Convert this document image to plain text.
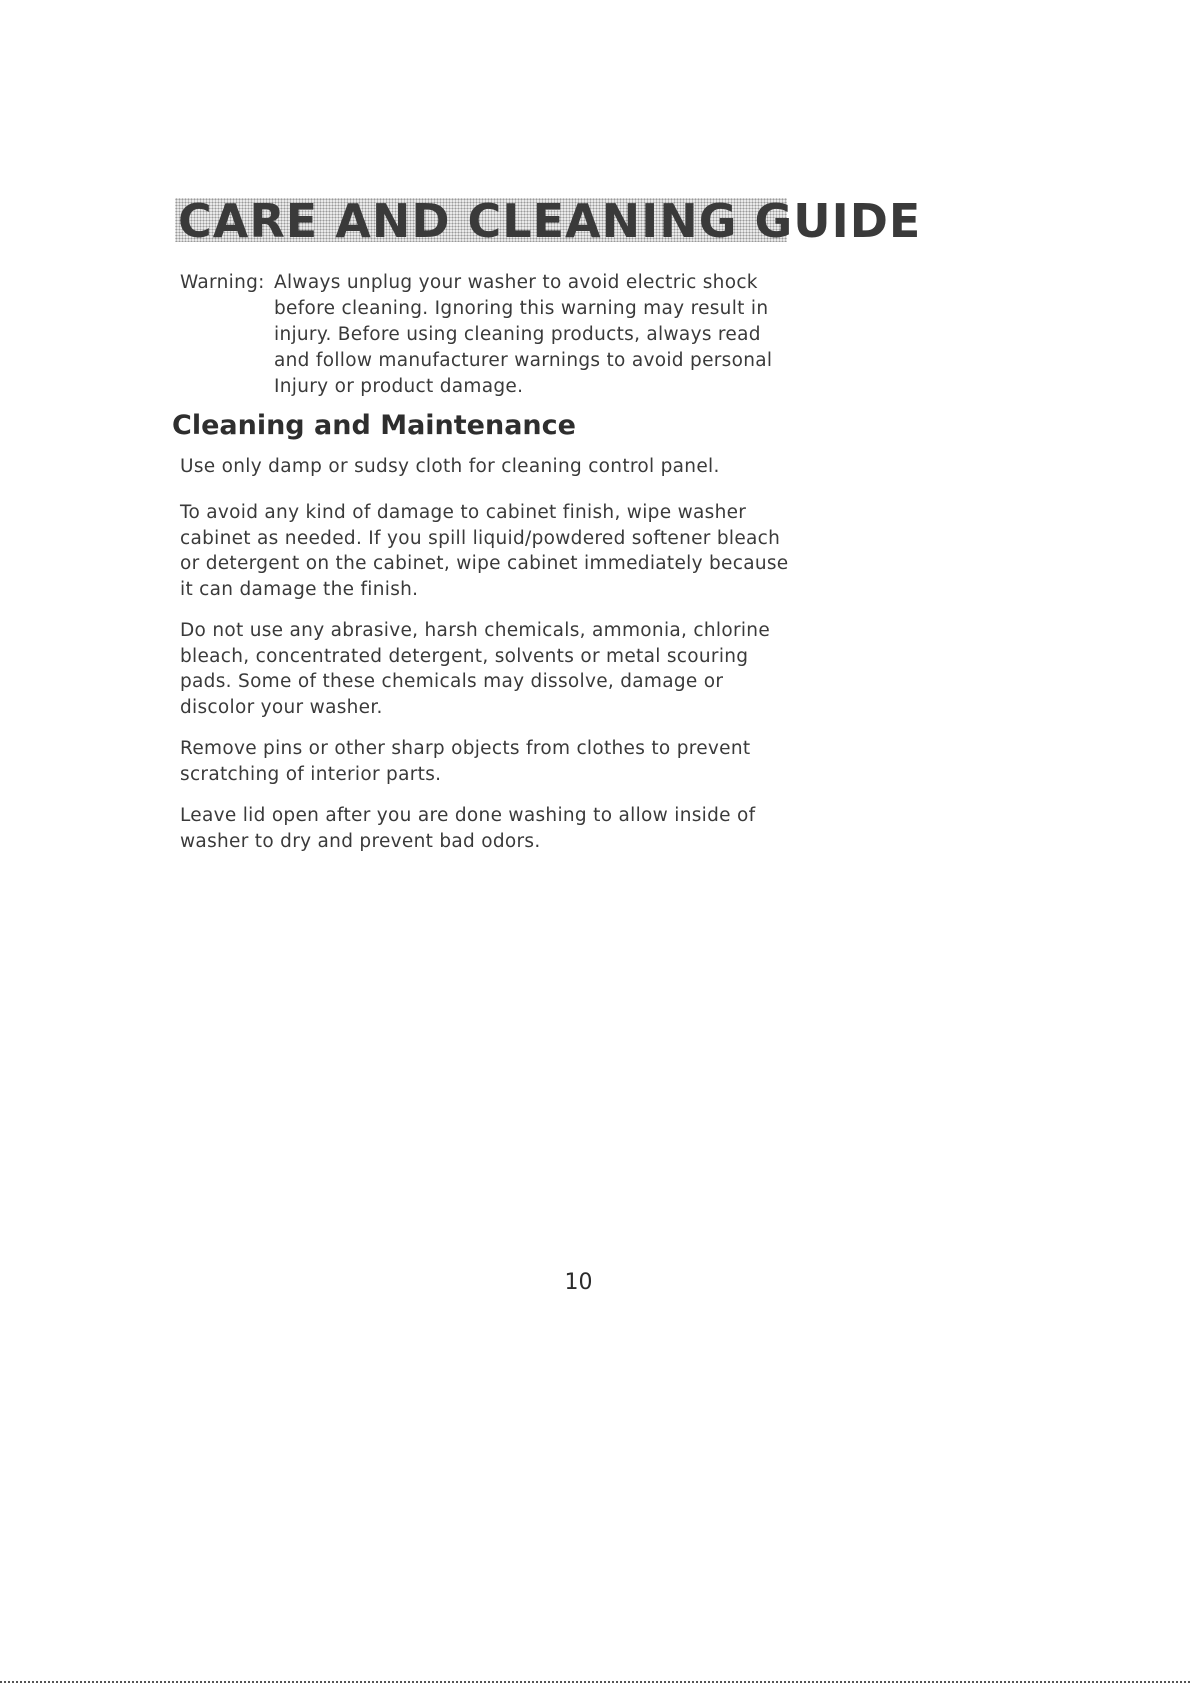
CARE AND CLEANING GUIDE
Warning: Always unplug your washer to avoid electric shock
before cleaning. Ignoring this warning may result in
injury. Before using cleaning products, always read
and follow manufacturer warnings to avoid personal
Injury or product damage.
Cleaning and Maintenance
Use only damp or sudsy cloth for cleaning control panel.
To avoid any kind of damage to cabinet finish, wipe washer
cabinet as needed. If you spill liquid/powdered softener bleach
or detergent on the cabinet, wipe cabinet immediately because
it can damage the finish.
Do not use any abrasive, harsh chemicals, ammonia, chlorine
bleach, concentrated detergent, solvents or metal scouring
pads. Some of these chemicals may dissolve, damage or
discolor your washer.
Remove pins or other sharp objects from clothes to prevent
scratching of interior parts.
Leave lid open after you are done washing to allow inside of
washer to dry and prevent bad odors.
10
